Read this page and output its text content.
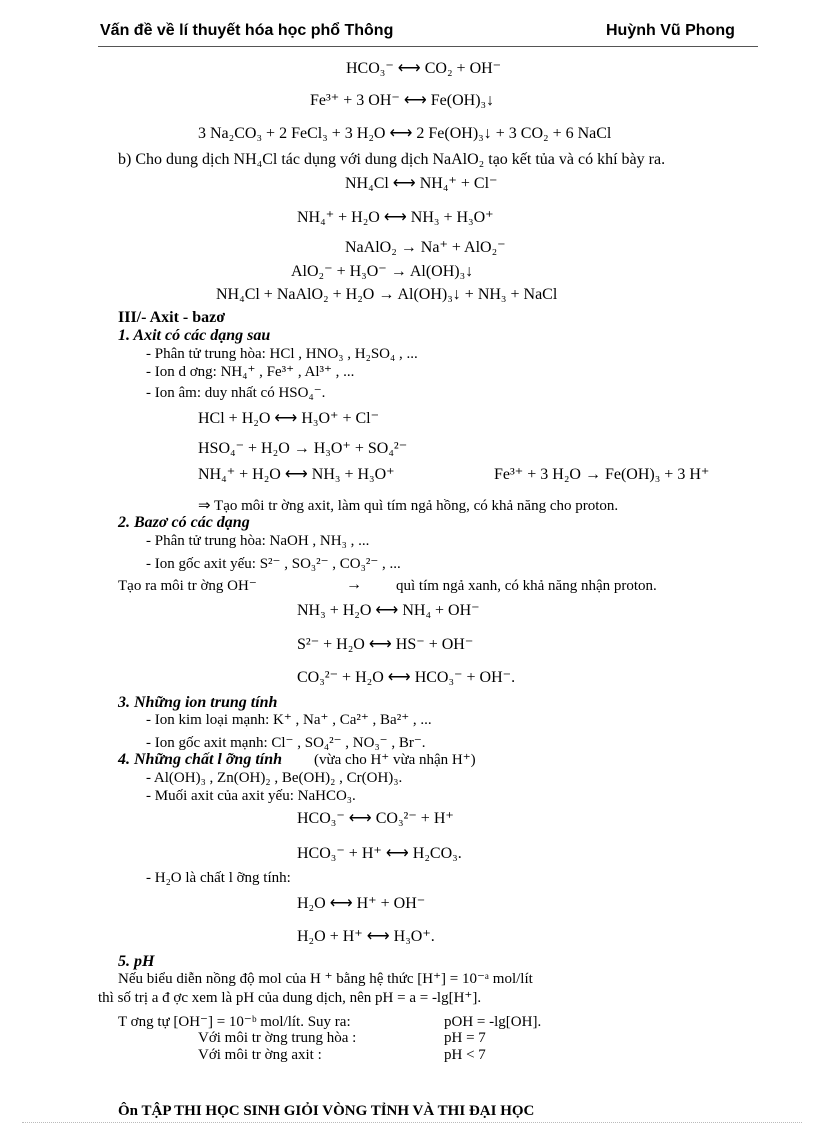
Vấn đề về lí thuyết hóa học phổ Thông	Huỳnh Vũ Phong
HCO₃⁻ ⟷ CO₂ + OH⁻
Fe³⁺ + 3 OH⁻ ⟷ Fe(OH)₃↓
3 Na₂CO₃ + 2 FeCl₃ + 3 H₂O ⟷ 2 Fe(OH)₃↓ + 3 CO₂ + 6 NaCl
b) Cho dung dịch NH₄Cl tác dụng với dung dịch NaAlO₂ tạo kết tủa và có khí bày ra.
NH₄Cl ⟷ NH₄⁺ + Cl⁻
NH₄⁺ + H₂O ⟷ NH₃ + H₃O⁺
NaAlO₂ → Na⁺ + AlO₂⁻
AlO₂⁻ + H₃O⁻ → Al(OH)₃↓
NH₄Cl + NaAlO₂ + H₂O → Al(OH)₃↓ + NH₃ + NaCl
III/- Axit - bazơ
1. Axit có các dạng sau
- Phân tử trung hòa: HCl , HNO₃ , H₂SO₄ , ...
- Ion d ơng: NH₄⁺ , Fe³⁺ , Al³⁺ , ...
- Ion âm: duy nhất có HSO₄⁻.
HCl + H₂O ⟷ H₃O⁺ + Cl⁻
HSO₄⁻ + H₂O → H₃O⁺ + SO₄²⁻
NH₄⁺ + H₂O ⟷ NH₃ + H₃O⁺	Fe³⁺ + 3 H₂O → Fe(OH)₃ + 3 H⁺
⇒ Tạo môi tr ờng axit, làm quì tím ngả hồng, có khả năng cho proton.
2. Bazơ có các dạng
- Phân tử trung hòa: NaOH , NH₃ , ...
- Ion gốc axit yếu: S²⁻ , SO₃²⁻ , CO₃²⁻ , ...
Tạo ra môi tr ờng OH⁻	→ quì tím ngả xanh, có khả năng nhận proton.
NH₃ + H₂O ⟷ NH₄ + OH⁻
S²⁻ + H₂O ⟷ HS⁻ + OH⁻
CO₃²⁻ + H₂O ⟷ HCO₃⁻ + OH⁻.
3. Những ion trung tính
- Ion kim loại mạnh: K⁺ , Na⁺ , Ca²⁺ , Ba²⁺ , ...
- Ion gốc axit mạnh: Cl⁻ , SO₄²⁻ , NO₃⁻ , Br⁻.
4. Những chất l ỡng tính (vừa cho H⁺ vừa nhận H⁺)
- Al(OH)₃ , Zn(OH)₂ , Be(OH)₂ , Cr(OH)₃.
- Muối axit của axit yếu: NaHCO₃.
HCO₃⁻ ⟷ CO₃²⁻ + H⁺
HCO₃⁻ + H⁺ ⟷ H₂CO₃.
- H₂O là chất l ỡng tính:
H₂O ⟷ H⁺ + OH⁻
H₂O + H⁺ ⟷ H₃O⁺.
5. pH
Nếu biểu diễn nồng độ mol của H ⁺ bằng hệ thức [H⁺] = 10⁻ᵃ mol/lít
thì số trị a đ ợc xem là pH của dung dịch, nên pH = a = -lg[H⁺].
T ơng tự [OH⁻] = 10⁻ᵇ mol/lít. Suy ra:	pOH = -lg[OH].
Với môi tr ờng trung hòa :	pH = 7
Với môi tr ờng axit :	pH < 7
Ôn TẬP THI HỌC SINH GIỎI VÒNG TỈNH VÀ THI ĐẠI HỌC
